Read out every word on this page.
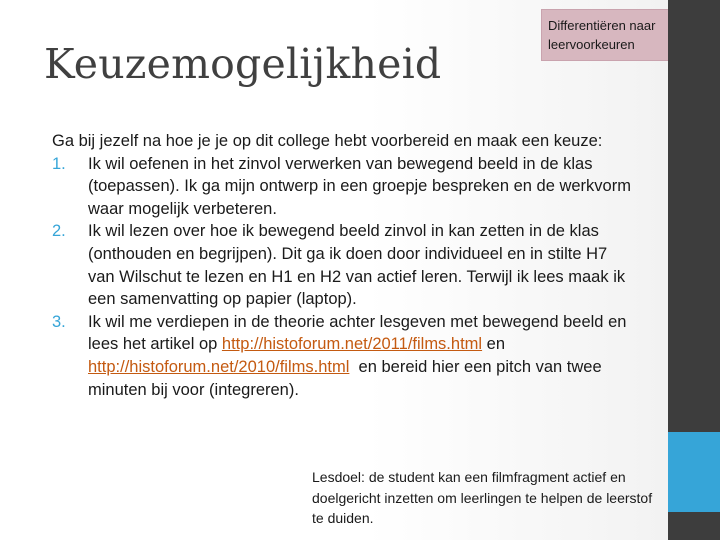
Keuzemogelijkheid
Differentiëren naar leervoorkeuren

Ga bij jezelf na hoe je je op dit college hebt voorbereid en maak een keuze:

1. Ik wil oefenen in het zinvol verwerken van bewegend beeld in de klas (toepassen). Ik ga mijn ontwerp in een groepje bespreken en de werkvorm waar mogelijk verbeteren.
2. Ik wil lezen over hoe ik bewegend beeld zinvol in kan zetten in de klas (onthouden en begrijpen). Dit ga ik doen door individueel en in stilte H7 van Wilschut te lezen en H1 en H2 van actief leren. Terwijl ik lees maak ik een samenvatting op papier (laptop).
3. Ik wil me verdiepen in de theorie achter lesgeven met bewegend beeld en lees het artikel op http://histoforum.net/2011/films.html en http://histoforum.net/2010/films.html  en bereid hier een pitch van twee minuten bij voor (integreren).
Lesdoel: de student kan een filmfragment actief en doelgericht inzetten om leerlingen te helpen de leerstof te duiden.
